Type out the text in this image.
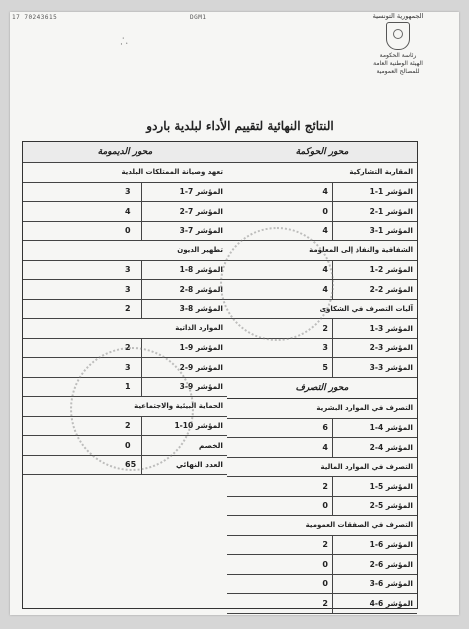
17 70243615	DGM1	الجمهورية التونسية
رئاسة الحكومة
الهيئة الوطنية العامة
للمصالح العمومية
⸫
النتائج النهائية لتقييم الأداء لبلدية باردو
محور الحوكمة
المقاربة التشاركية
المؤشر 1-1
4
المؤشر 1-2
0
المؤشر 1-3
4
الشفافية والنفاذ إلى المعلومة
المؤشر 2-1
4
المؤشر 2-2
4
آليات التصرف في الشكاوى
المؤشر 3-1
2
المؤشر 3-2
3
المؤشر 3-3
5
محور التصرف
التصرف في الموارد البشرية
المؤشر 4-1
6
المؤشر 4-2
4
التصرف في الموارد المالية
المؤشر 5-1
2
المؤشر 5-2
0
التصرف في الصفقات العمومية
المؤشر 6-1
2
المؤشر 6-2
0
المؤشر 6-3
0
المؤشر 6-4
2
محور الديمومة
تعهد وصيانة الممتلكات البلدية
المؤشر 7-1
3
المؤشر 7-2
4
المؤشر 7-3
0
تطهير الديون
المؤشر 8-1
3
المؤشر 8-2
3
المؤشر 8-3
2
الموارد الذاتية
المؤشر 9-1
2
المؤشر 9-2
3
المؤشر 9-3
1
الحماية البيئية والاجتماعية
المؤشر 10-1
2
الخصم
0
العدد النهائي
65
